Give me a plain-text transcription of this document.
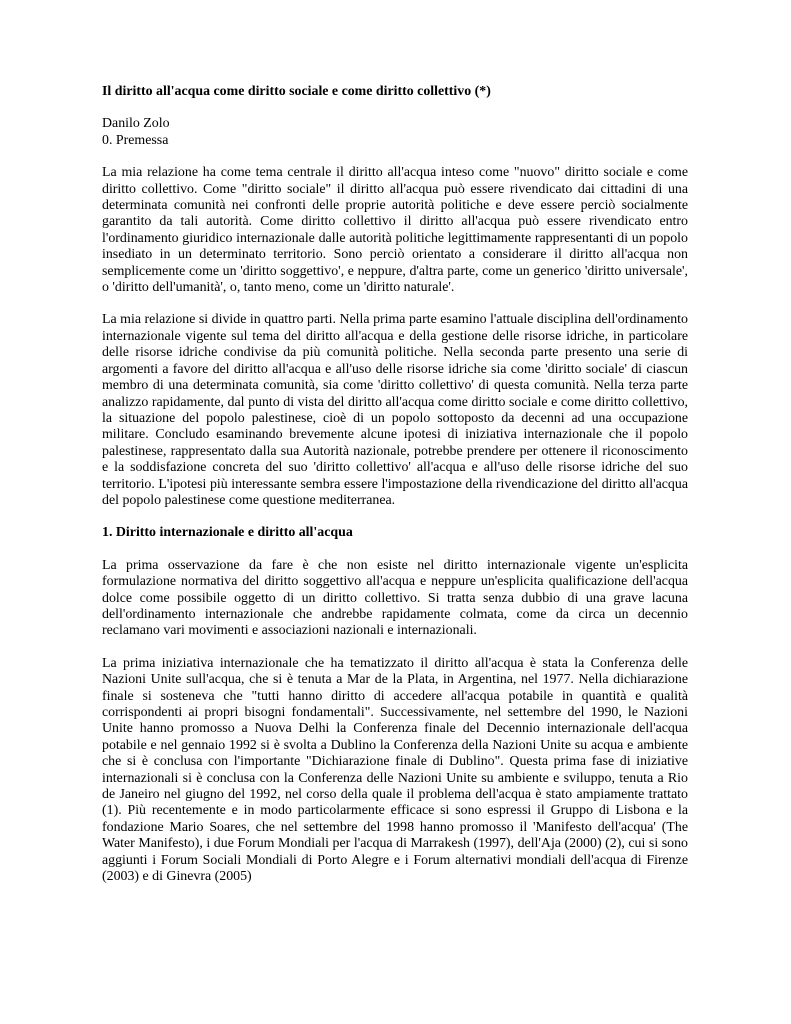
Il diritto all'acqua come diritto sociale e come diritto collettivo (*)
Danilo Zolo
0. Premessa

La mia relazione ha come tema centrale il diritto all'acqua inteso come "nuovo" diritto sociale e come diritto collettivo. Come "diritto sociale" il diritto all'acqua può essere rivendicato dai cittadini di una determinata comunità nei confronti delle proprie autorità politiche e deve essere perciò socialmente garantito da tali autorità. Come diritto collettivo il diritto all'acqua può essere rivendicato entro l'ordinamento giuridico internazionale dalle autorità politiche legittimamente rappresentanti di un popolo insediato in un determinato territorio. Sono perciò orientato a considerare il diritto all'acqua non semplicemente come un 'diritto soggettivo', e neppure, d'altra parte, come un generico 'diritto universale', o 'diritto dell'umanità', o, tanto meno, come un 'diritto naturale'.

La mia relazione si divide in quattro parti. Nella prima parte esamino l'attuale disciplina dell'ordinamento internazionale vigente sul tema del diritto all'acqua e della gestione delle risorse idriche, in particolare delle risorse idriche condivise da più comunità politiche. Nella seconda parte presento una serie di argomenti a favore del diritto all'acqua e all'uso delle risorse idriche sia come 'diritto sociale' di ciascun membro di una determinata comunità, sia come 'diritto collettivo' di questa comunità. Nella terza parte analizzo rapidamente, dal punto di vista del diritto all'acqua come diritto sociale e come diritto collettivo, la situazione del popolo palestinese, cioè di un popolo sottoposto da decenni ad una occupazione militare. Concludo esaminando brevemente alcune ipotesi di iniziativa internazionale che il popolo palestinese, rappresentato dalla sua Autorità nazionale, potrebbe prendere per ottenere il riconoscimento e la soddisfazione concreta del suo 'diritto collettivo' all'acqua e all'uso delle risorse idriche del suo territorio. L'ipotesi più interessante sembra essere l'impostazione della rivendicazione del diritto all'acqua del popolo palestinese come questione mediterranea.

1. Diritto internazionale e diritto all'acqua

La prima osservazione da fare è che non esiste nel diritto internazionale vigente un'esplicita formulazione normativa del diritto soggettivo all'acqua e neppure un'esplicita qualificazione dell'acqua dolce come possibile oggetto di un diritto collettivo. Si tratta senza dubbio di una grave lacuna dell'ordinamento internazionale che andrebbe rapidamente colmata, come da circa un decennio reclamano vari movimenti e associazioni nazionali e internazionali.

La prima iniziativa internazionale che ha tematizzato il diritto all'acqua è stata la Conferenza delle Nazioni Unite sull'acqua, che si è tenuta a Mar de la Plata, in Argentina, nel 1977. Nella dichiarazione finale si sosteneva che "tutti hanno diritto di accedere all'acqua potabile in quantità e qualità corrispondenti ai propri bisogni fondamentali". Successivamente, nel settembre del 1990, le Nazioni Unite hanno promosso a Nuova Delhi la Conferenza finale del Decennio internazionale dell'acqua potabile e nel gennaio 1992 si è svolta a Dublino la Conferenza della Nazioni Unite su acqua e ambiente che si è conclusa con l'importante "Dichiarazione finale di Dublino". Questa prima fase di iniziative internazionali si è conclusa con la Conferenza delle Nazioni Unite su ambiente e sviluppo, tenuta a Rio de Janeiro nel giugno del 1992, nel corso della quale il problema dell'acqua è stato ampiamente trattato (1). Più recentemente e in modo particolarmente efficace si sono espressi il Gruppo di Lisbona e la fondazione Mario Soares, che nel settembre del 1998 hanno promosso il 'Manifesto dell'acqua' (The Water Manifesto), i due Forum Mondiali per l'acqua di Marrakesh (1997), dell'Aja (2000) (2), cui si sono aggiunti i Forum Sociali Mondiali di Porto Alegre e i Forum alternativi mondiali dell'acqua di Firenze (2003) e di Ginevra (2005)
